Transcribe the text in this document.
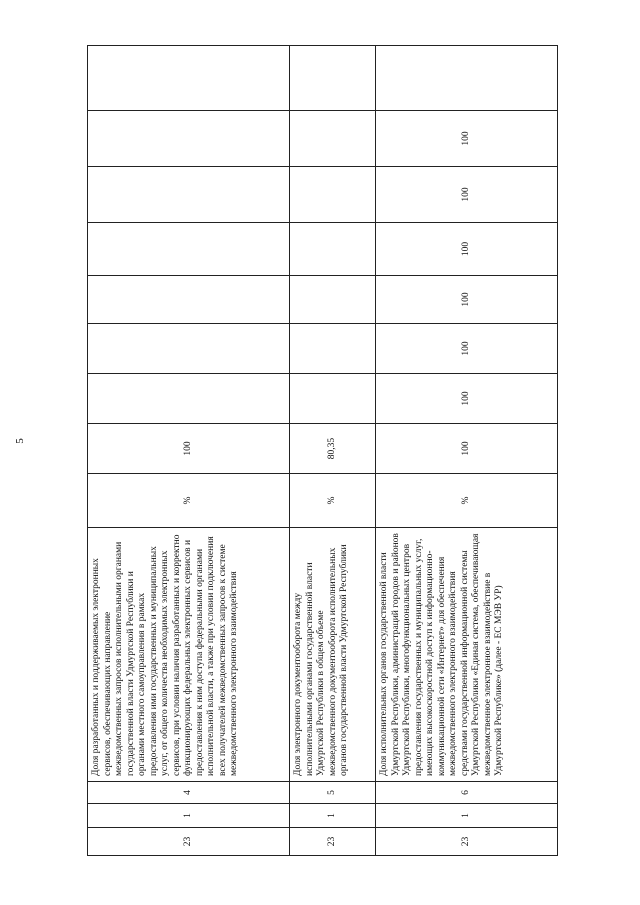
5
23	1	4	Доля разработанных и поддерживаемых электронных сервисов, обеспечивающих направление межведомственных запросов исполнительными органами государственной власти Удмуртской Республики и органами местного самоуправления в рамках предоставления ими государственных и муниципальных услуг, от общего количества необходимых электронных сервисов, при условии наличия разработанных и корректно функционирующих федеральных электронных сервисов и предоставления к ним доступа федеральными органами исполнительной власти, а также при условии подключения всех получателей межведомственных запросов к системе межведомственного электронного взаимодействия	%	100							
23	1	5	Доля электронного документооборота между исполнительными органами государственной власти Удмуртской Республики в общем объеме межведомственного документооборота исполнительных органов государственной власти Удмуртской Республики	%	80,35							
23	1	6	Доля исполнительных органов государственной власти Удмуртской Республики, администраций городов и районов Удмуртской Республики, многофункциональных центров предоставления государственных и муниципальных услуг, имеющих высокоскоростной доступ к информационно-коммуникационной сети «Интернет» для обеспечения межведомственного электронного взаимодействия средствами государственной информационной системы Удмуртской Республики «Единая система, обеспечивающая межведомственное электронное взаимодействие в Удмуртской Республике» (далее - ЕС МЭВ УР)	%	100	100	100	100	100	100	100	
